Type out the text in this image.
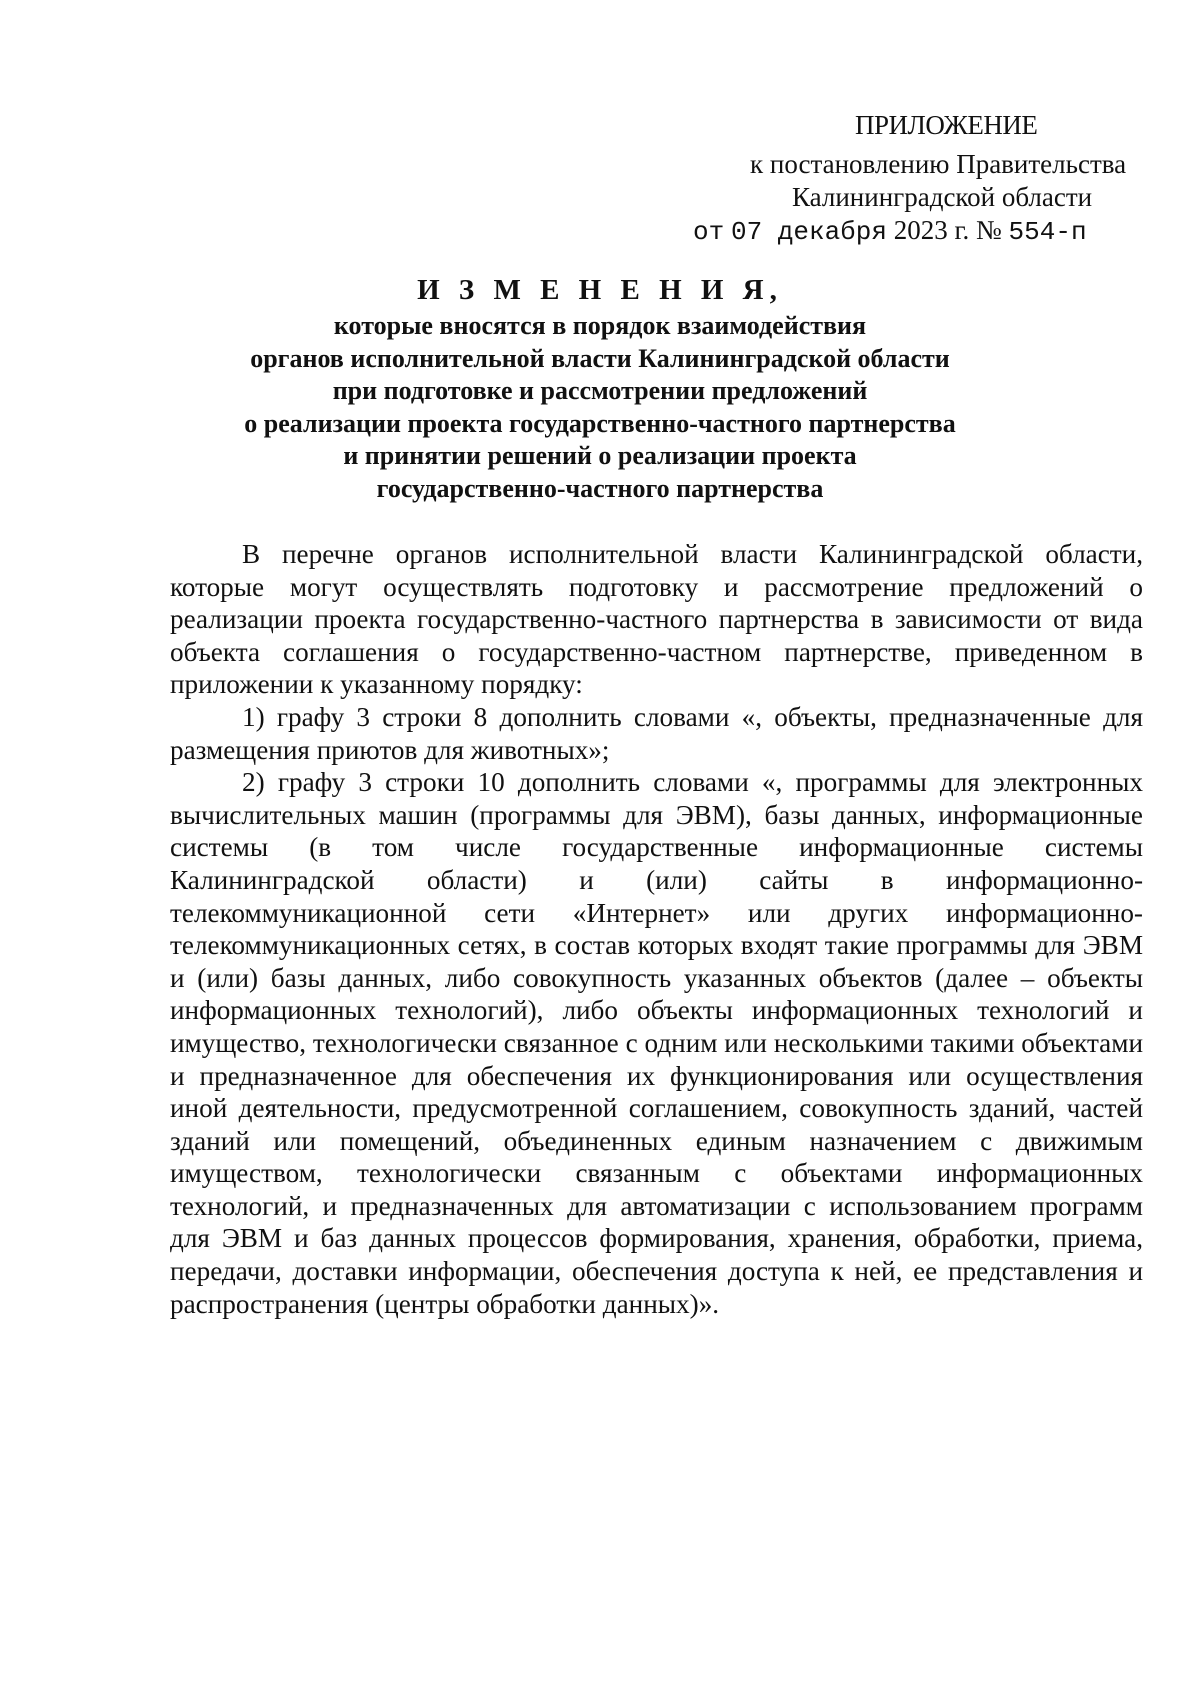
ПРИЛОЖЕНИЕ
к постановлению Правительства
Калининградской области
от 07 декабря 2023 г. № 554-п
И З М Е Н Е Н И Я,
которые вносятся в порядок взаимодействия
органов исполнительной власти Калининградской области
при подготовке и рассмотрении предложений
о реализации проекта государственно-частного партнерства
и принятии решений о реализации проекта
государственно-частного партнерства

В перечне органов исполнительной власти Калининградской области, которые могут осуществлять подготовку и рассмотрение предложений о реализации проекта государственно-частного партнерства в зависимости от вида объекта соглашения о государственно-частном партнерстве, приведенном в приложении к указанному порядку:

1) графу 3 строки 8 дополнить словами «, объекты, предназначенные для размещения приютов для животных»;

2) графу 3 строки 10 дополнить словами «, программы для электронных вычислительных машин (программы для ЭВМ), базы данных, информационные системы (в том числе государственные информационные системы Калининградской области) и (или) сайты в информационно-телекоммуникационной сети «Интернет» или других информационно-телекоммуникационных сетях, в состав которых входят такие программы для ЭВМ и (или) базы данных, либо совокупность указанных объектов (далее – объекты информационных технологий), либо объекты информационных технологий и имущество, технологически связанное с одним или несколькими такими объектами и предназначенное для обеспечения их функционирования или осуществления иной деятельности, предусмотренной соглашением, совокупность зданий, частей зданий или помещений, объединенных единым назначением с движимым имуществом, технологически связанным с объектами информационных технологий, и предназначенных для автоматизации с использованием программ для ЭВМ и баз данных процессов формирования, хранения, обработки, приема, передачи, доставки информации, обеспечения доступа к ней, ее представления и распространения (центры обработки данных)».
